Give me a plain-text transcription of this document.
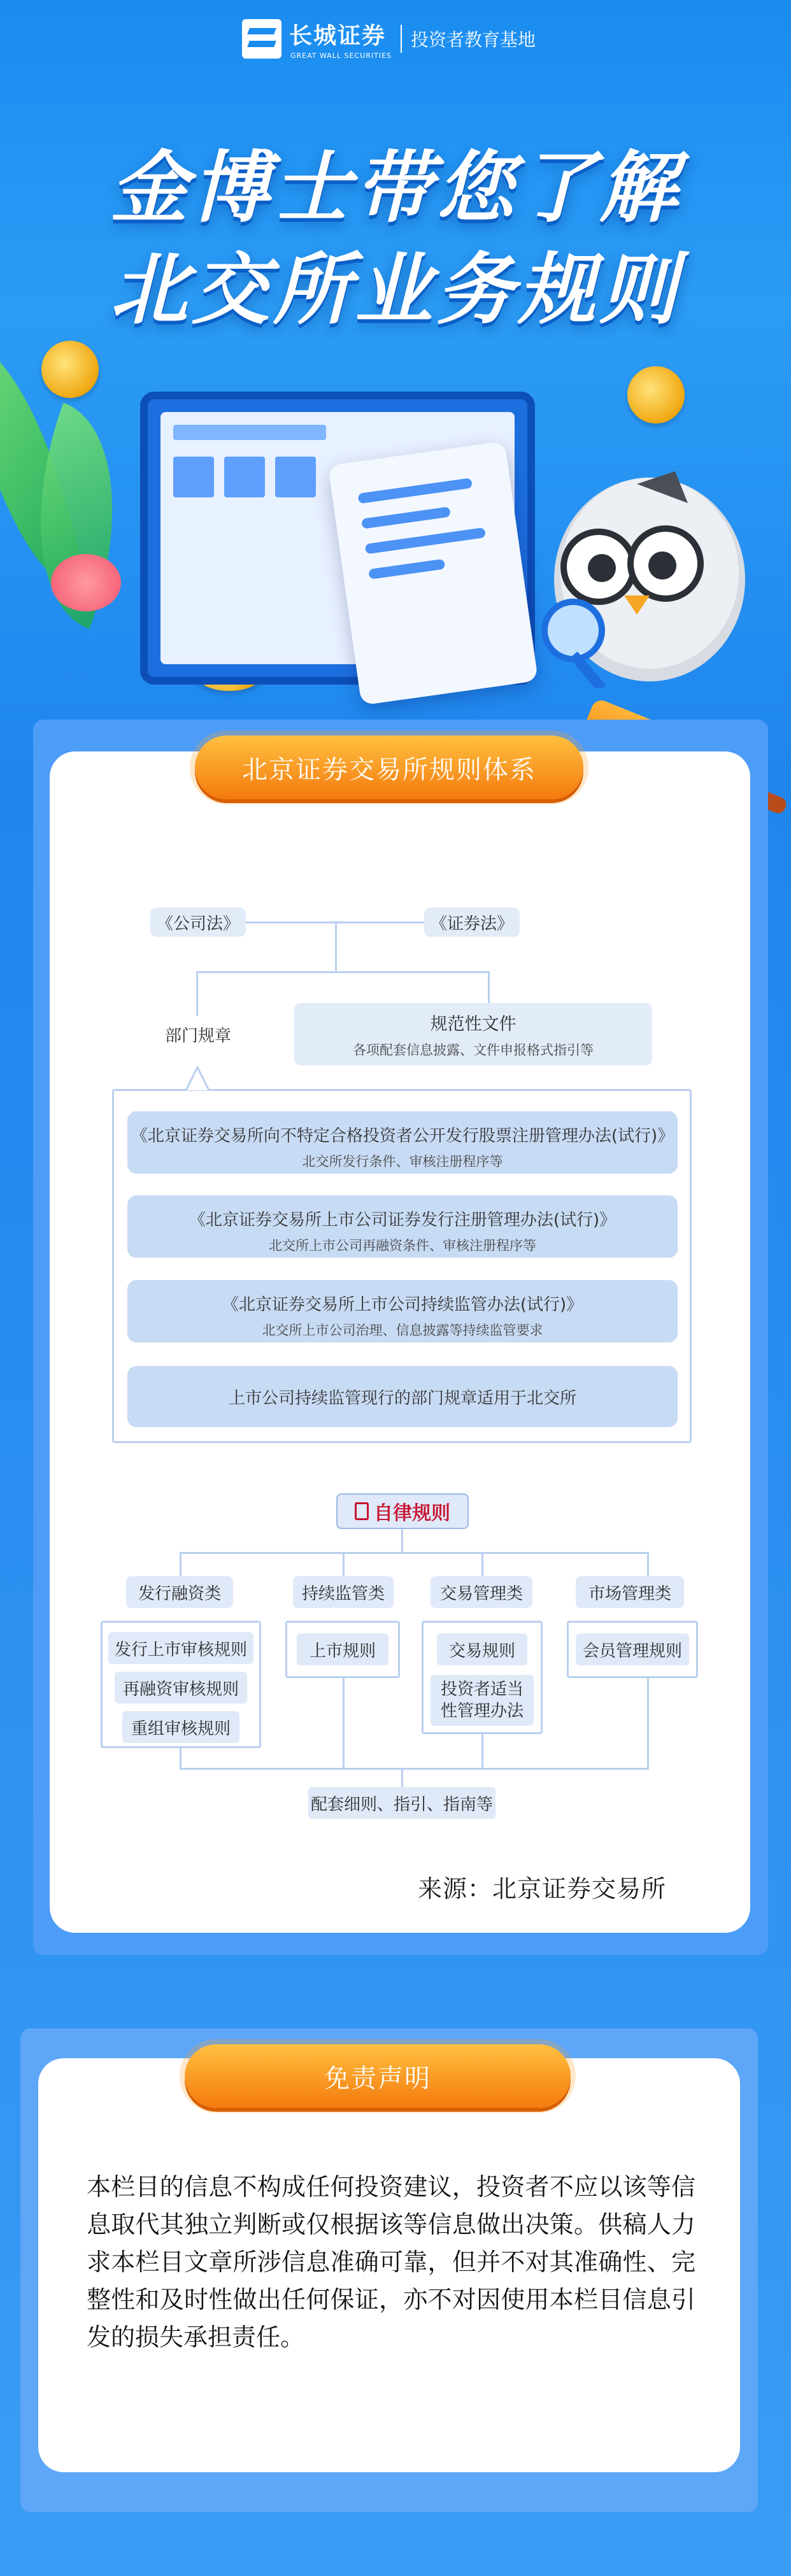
长城证券
GREAT WALL SECURITIES
投资者教育基地
金博士带您了解
北交所业务规则
北京证券交易所规则体系
《公司法》	《证券法》
部门规章
规范性文件
各项配套信息披露、文件申报格式指引等
《北京证券交易所向不特定合格投资者公开发行股票注册管理办法(试行)》
北交所发行条件、审核注册程序等
《北京证券交易所上市公司证券发行注册管理办法(试行)》
北交所上市公司再融资条件、审核注册程序等
《北京证券交易所上市公司持续监管办法(试行)》
北交所上市公司治理、信息披露等持续监管要求
上市公司持续监管现行的部门规章适用于北交所
自律规则
发行融资类	持续监管类	交易管理类	市场管理类
发行上市审核规则
再融资审核规则
重组审核规则
上市规则	交易规则
投资者适当性管理办法
会员管理规则
配套细则、指引、指南等
来源：北京证券交易所
免责声明
本栏目的信息不构成任何投资建议，投资者不应以该等信息取代其独立判断或仅根据该等信息做出决策。供稿人力求本栏目文章所涉信息准确可靠，但并不对其准确性、完整性和及时性做出任何保证，亦不对因使用本栏目信息引发的损失承担责任。
